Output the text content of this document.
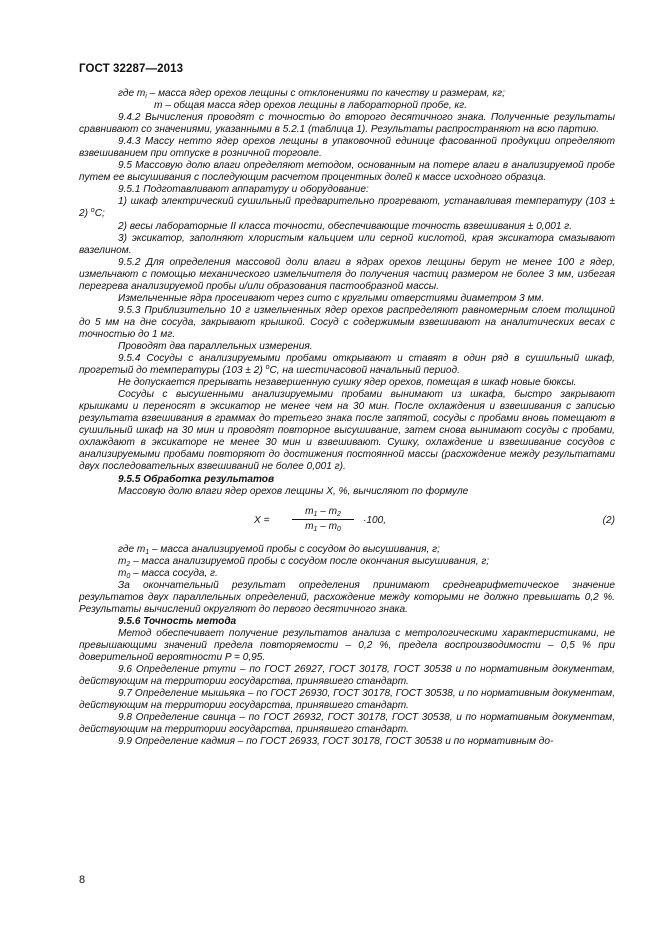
ГОСТ 32287—2013

где $m_i$ – масса ядер орехов лещины с отклонениями по качеству и размерам, кг;

m – общая масса ядер орехов лещины в лабораторной пробе, кг.

9.4.2 Вычисления проводят с точностью до второго десятичного знака. Полученные результаты сравнивают со значениями, указанными в 5.2.1 (таблица 1). Результаты распространяют на всю партию.

9.4.3 Массу нетто ядер орехов лещины в упаковочной единице фасованной продукции определяют взвешиванием при отпуске в розничной торговле.

9.5 Массовую долю влаги определяют методом, основанным на потере влаги в анализируемой пробе путем ее высушивания с последующим расчетом процентных долей к массе исходного образца.

9.5.1 Подготавливают аппаратуру и оборудование:

1) шкаф электрический сушильный предварительно прогревают, устанавливая температуру (103 ± 2) $^о$С;

2) весы лабораторные II класса точности, обеспечивающие точность взвешивания ± 0,001 г.

3) эксикатор, заполняют хлористым кальцием или серной кислотой, края эксикатора смазывают вазелином.

9.5.2 Для определения массовой доли влаги в ядрах орехов лещины берут не менее 100 г ядер, измельчают с помощью механического измельчителя до получения частиц размером не более 3 мм, избегая перегрева анализируемой пробы и/или образования пастообразной массы.

Измельченные ядра просеивают через сито с круглыми отверстиями диаметром 3 мм.

9.5.3 Приблизительно 10 г измельченных ядер орехов распределяют равномерным слоем толщиной до 5 мм на дне сосуда, закрывают крышкой. Сосуд с содержимым взвешивают на аналитических весах с точностью до 1 мг.

Проводят два параллельных измерения.

9.5.4 Сосуды с анализируемыми пробами открывают и ставят в один ряд в сушильный шкаф, прогретый до температуры (103 ± 2) $^о$С, на шестичасовой начальный период.

Не допускается прерывать незавершенную сушку ядер орехов, помещая в шкаф новые бюксы.

Сосуды с высушенными анализируемыми пробами вынимают из шкафа, быстро закрывают крышками и переносят в эксикатор не менее чем на 30 мин. После охлаждения и взвешивания с записью результата взвешивания в граммах до третьего знака после запятой, сосуды с пробами вновь помещают в сушильный шкаф на 30 мин и проводят повторное высушивание, затем снова вынимают сосуды с пробами, охлаждают в эксикаторе не менее 30 мин и взвешивают. Сушку, охлаждение и взвешивание сосудов с анализируемыми пробами повторяют до достижения постоянной массы (расхождение между результатами двух последовательных взвешиваний не более 0,001 г).

9.5.5 Обработка результатов

Массовую долю влаги ядер орехов лещины X, %, вычисляют по формуле

$X = \frac{m_1 - m_2}{m_1 - m_0} \cdot 100$,	(2)

где $m_1$ – масса анализируемой пробы с сосудом до высушивания, г;

$m_2$ – масса анализируемой пробы с сосудом после окончания высушивания, г;

$m_0$ – масса сосуда, г.

За окончательный результат определения принимают среднеарифметическое значение результатов двух параллельных определений, расхождение между которыми не должно превышать 0,2 %. Результаты вычислений округляют до первого десятичного знака.

9.5.6 Точность метода

Метод обеспечивает получение результатов анализа с метрологическими характеристиками, не превышающими значений предела повторяемости – 0,2 %, предела воспроизводимости – 0,5 % при доверительной вероятности P = 0,95.

9.6 Определение ртути – по ГОСТ 26927, ГОСТ 30178, ГОСТ 30538 и по нормативным документам, действующим на территории государства, принявшего стандарт.

9.7 Определение мышьяка – по ГОСТ 26930, ГОСТ 30178, ГОСТ 30538, и по нормативным документам, действующим на территории государства, принявшего стандарт.

9.8 Определение свинца – по ГОСТ 26932, ГОСТ 30178, ГОСТ 30538, и по нормативным документам, действующим на территории государства, принявшего стандарт.

9.9 Определение кадмия – по ГОСТ 26933, ГОСТ 30178, ГОСТ 30538 и по нормативным до-

8
